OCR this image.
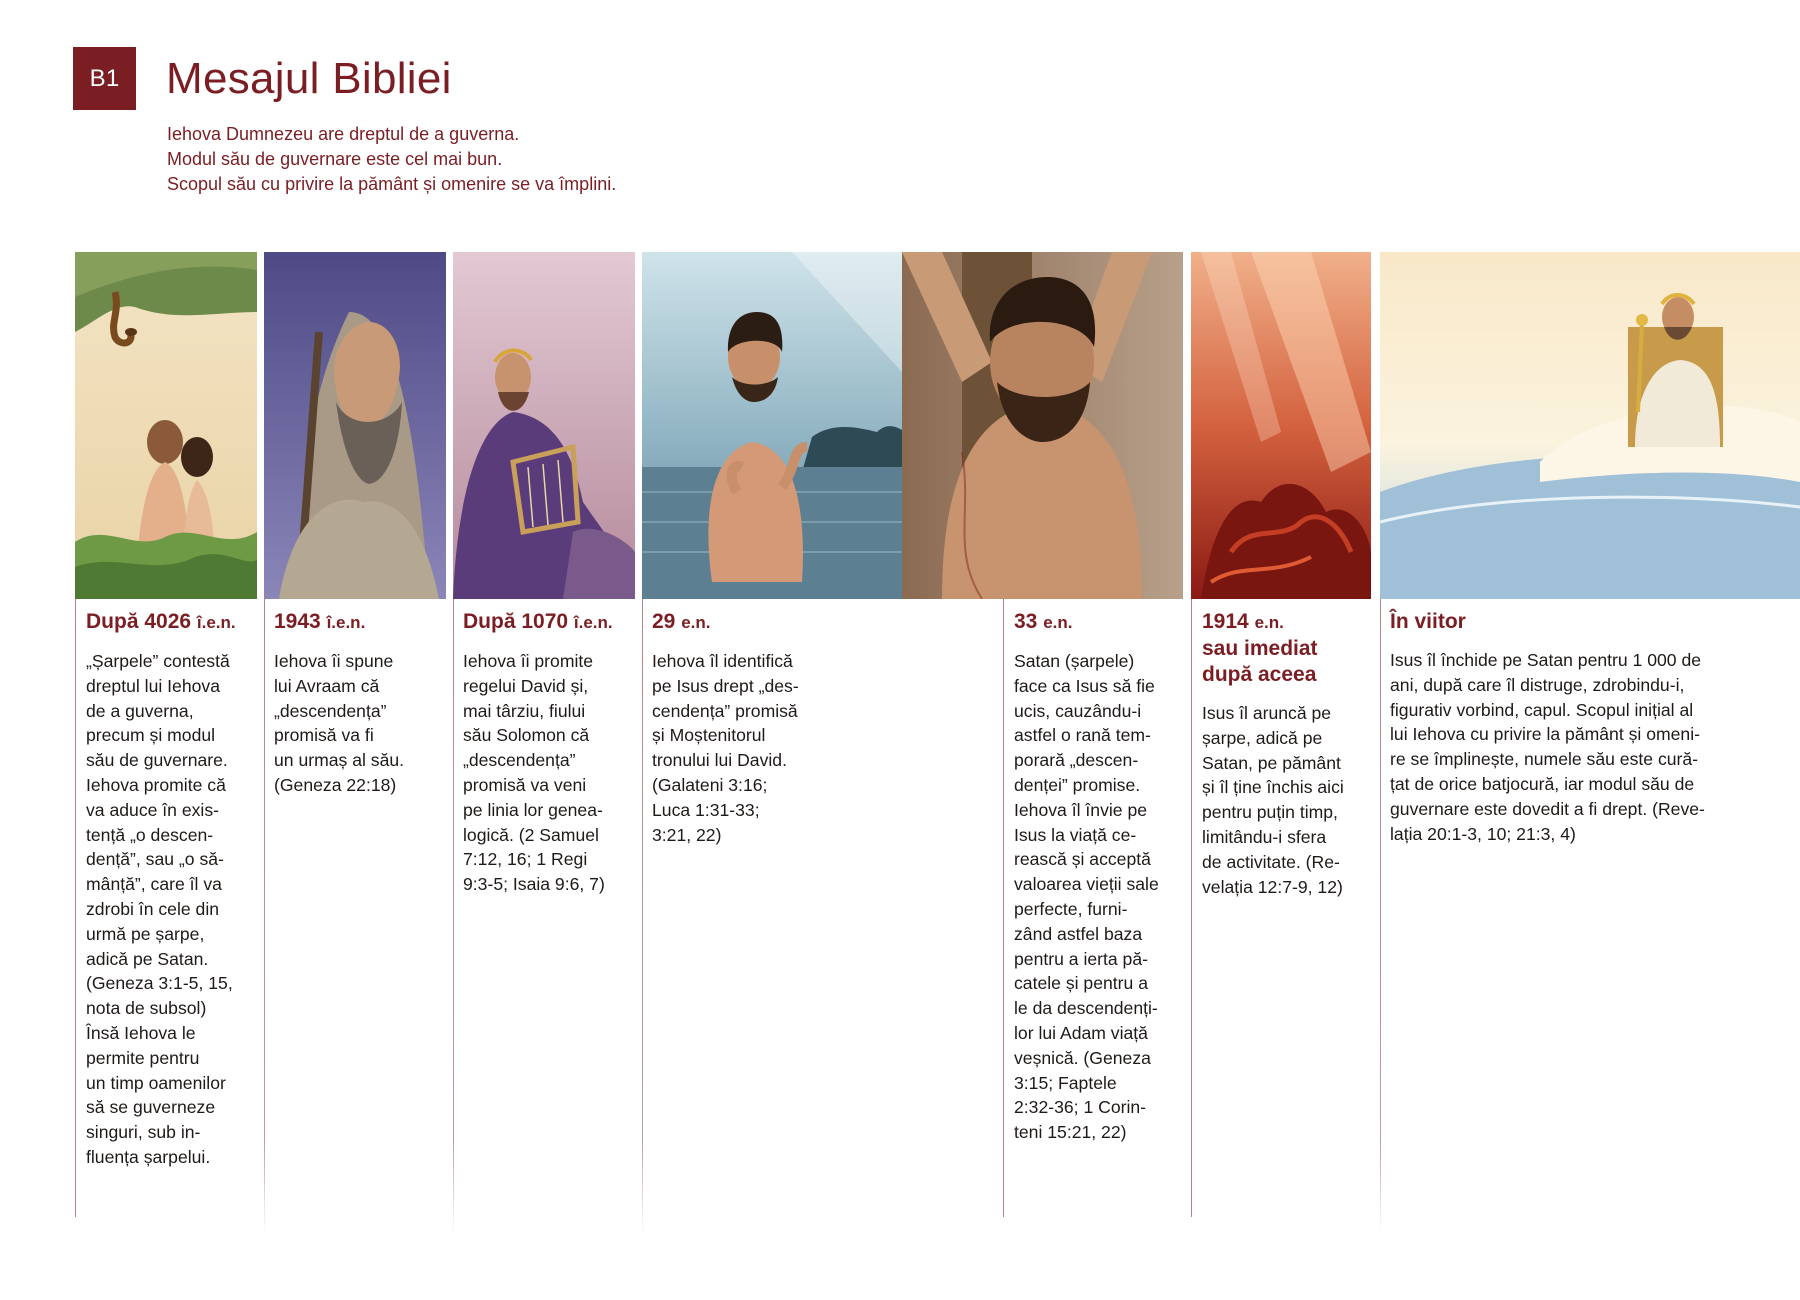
B1	Mesajul Bibliei
Iehova Dumnezeu are dreptul de a guverna.
Modul său de guvernare este cel mai bun.
Scopul său cu privire la pământ și omenire se va împlini.
După 4026 î.e.n.

„Șarpele” contestă
dreptul lui Iehova
de a guverna,
precum și modul
său de guvernare.
Iehova promite că
va aduce în exis-
tență „o descen-
dență”, sau „o să-
mânță”, care îl va
zdrobi în cele din
urmă pe șarpe,
adică pe Satan.
(Geneza 3:1-5, 15,
nota de subsol)
Însă Iehova le
permite pentru
un timp oamenilor
să se guverneze
singuri, sub in-
fluența șarpelui.

1943 î.e.n.

Iehova îi spune
lui Avraam că
„descendența”
promisă va fi
un urmaș al său.
(Geneza 22:18)

După 1070 î.e.n.

Iehova îi promite
regelui David și,
mai târziu, fiului
său Solomon că
„descendența”
promisă va veni
pe linia lor genea-
logică. (2 Samuel
7:12, 16; 1 Regi
9:3-5; Isaia 9:6, 7)

29 e.n.

Iehova îl identifică
pe Isus drept „des-
cendența” promisă
și Moștenitorul
tronului lui David.
(Galateni 3:16;
Luca 1:31-33;
3:21, 22)

33 e.n.

Satan (șarpele)
face ca Isus să fie
ucis, cauzându-i
astfel o rană tem-
porară „descen-
denței” promise.
Iehova îl învie pe
Isus la viață ce-
rească și acceptă
valoarea vieții sale
perfecte, furni-
zând astfel baza
pentru a ierta pă-
catele și pentru a
le da descendenți-
lor lui Adam viață
veșnică. (Geneza
3:15; Faptele
2:32-36; 1 Corin-
teni 15:21, 22)

1914 e.n.
sau imediat după aceea

Isus îl aruncă pe
șarpe, adică pe
Satan, pe pământ
și îl ține închis aici
pentru puțin timp,
limitându-i sfera
de activitate. (Re-
velația 12:7-9, 12)

În viitor

Isus îl închide pe Satan pentru 1 000 de
ani, după care îl distruge, zdrobindu-i,
figurativ vorbind, capul. Scopul inițial al
lui Iehova cu privire la pământ și omeni-
re se împlinește, numele său este cură-
țat de orice batjocură, iar modul său de
guvernare este dovedit a fi drept. (Reve-
lația 20:1-3, 10; 21:3, 4)
